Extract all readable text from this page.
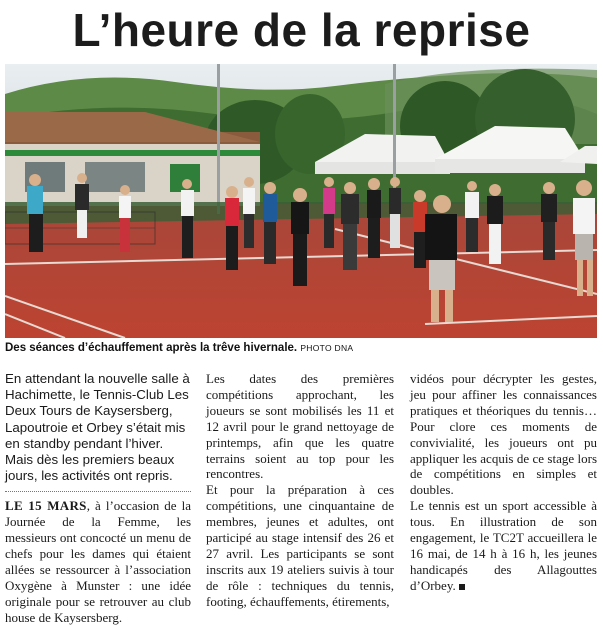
L’heure de la reprise
Des séances d’échauffement après la trêve hivernale. PHOTO DNA

En attendant la nouvelle salle à Hachimette, le Tennis-Club Les Deux Tours de Kaysersberg, Lapoutroie et Orbey s’était mis en standby pendant l’hiver. Mais dès les premiers beaux jours, les activités ont repris.

LE 15 MARS, à l’occasion de la Journée de la Femme, les messieurs ont concocté un menu de chefs pour les dames qui étaient allées se ressourcer à l’association Oxygène à Munster : une idée originale pour se retrouver au club house de Kaysersberg.

Les dates des premières compétitions approchant, les joueurs se sont mobilisés les 11 et 12 avril pour le grand nettoyage de printemps, afin que les quatre terrains soient au top pour les rencontres.

Et pour la préparation à ces compétitions, une cinquantaine de membres, jeunes et adultes, ont participé au stage intensif des 26 et 27 avril. Les participants se sont inscrits aux 19 ateliers suivis à tour de rôle : techniques du tennis, footing, échauffements, étirements,

vidéos pour décrypter les gestes, jeu pour affiner les connaissances pratiques et théoriques du tennis… Pour clore ces moments de convivialité, les joueurs ont pu appliquer les acquis de ce stage lors de compétitions en simples et doubles.

Le tennis est un sport accessible à tous. En illustration de son engagement, le TC2T accueillera le 16 mai, de 14 h à 16 h, les jeunes handicapés des Allagouttes d’Orbey.
